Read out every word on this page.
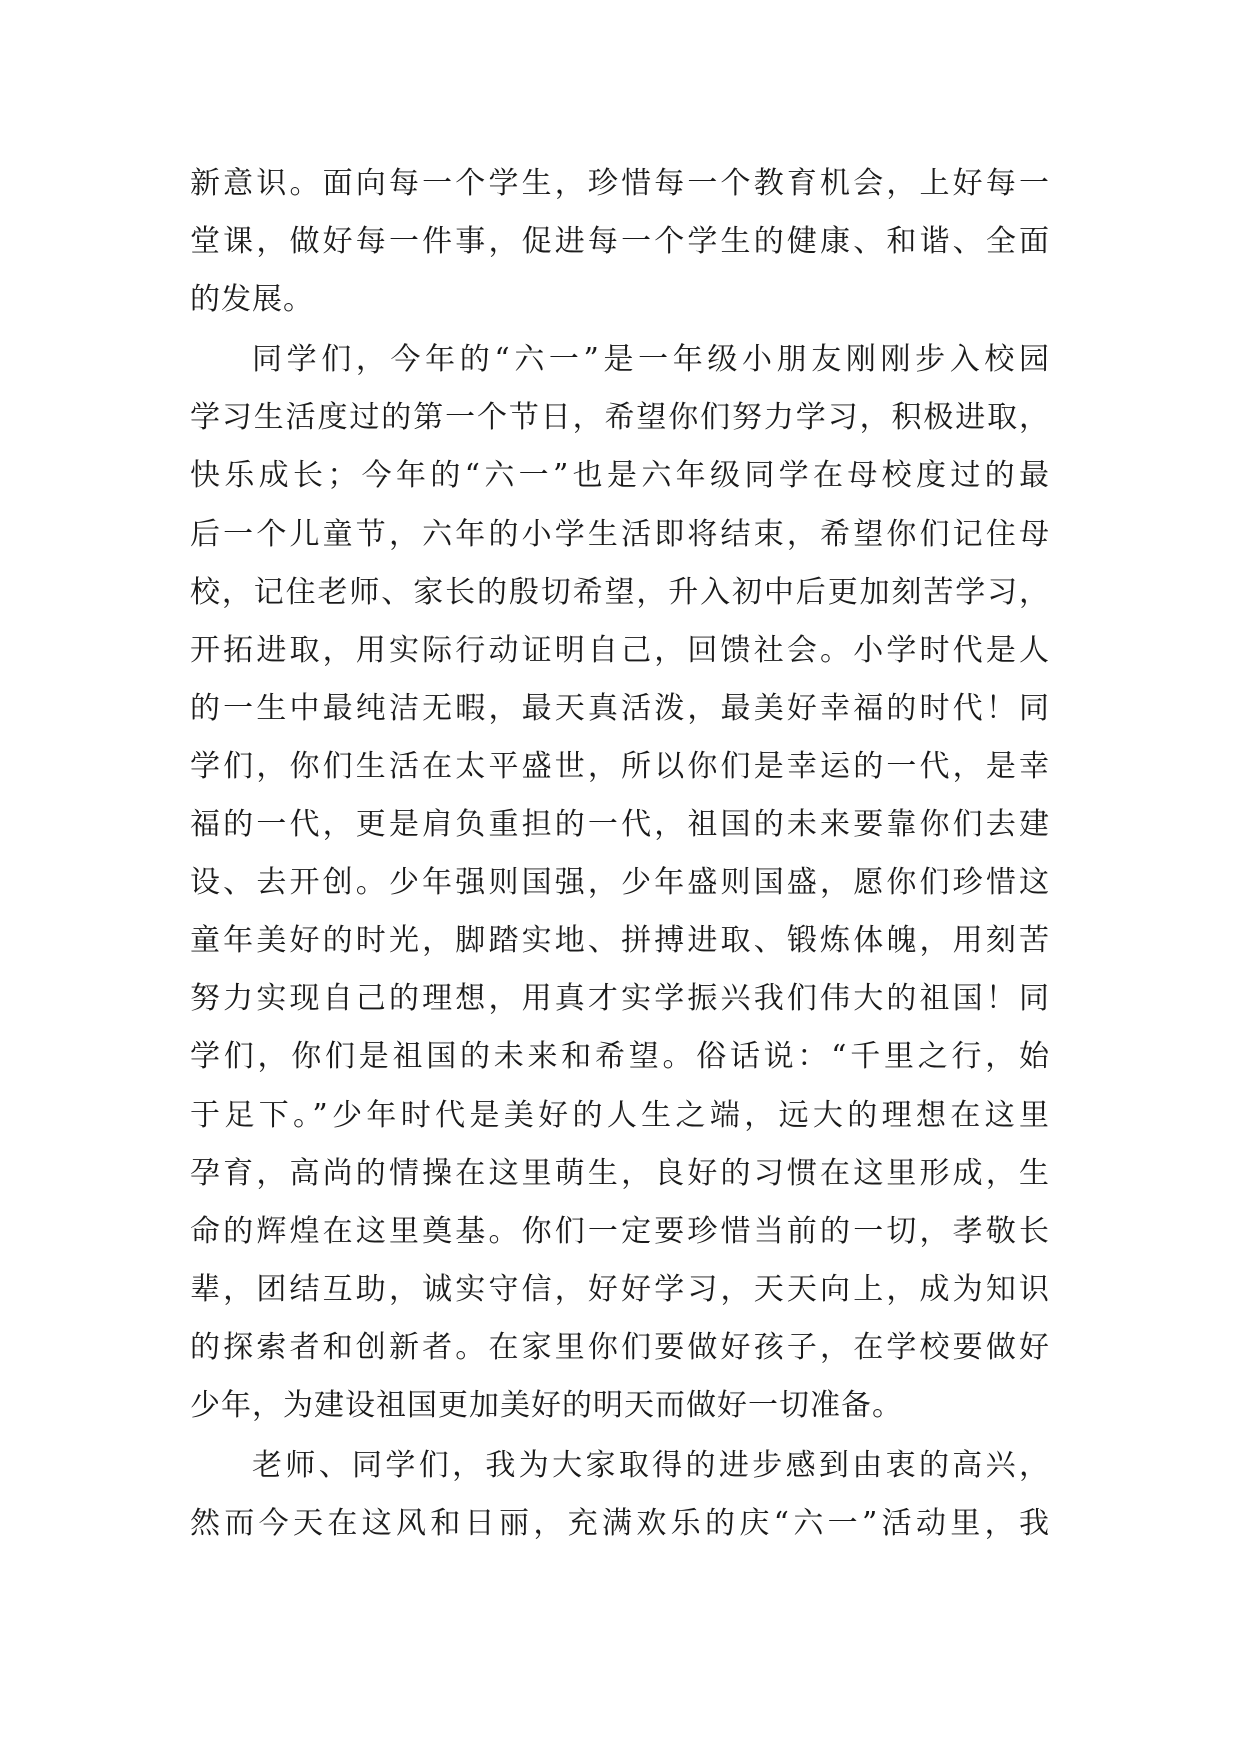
新意识。面向每一个学生，珍惜每一个教育机会，上好每一
堂课，做好每一件事，促进每一个学生的健康、和谐、全面
的发展。
同学们，今年的“六一”是一年级小朋友刚刚步入校园
学习生活度过的第一个节日，希望你们努力学习，积极进取，
快乐成长；今年的“六一”也是六年级同学在母校度过的最
后一个儿童节，六年的小学生活即将结束，希望你们记住母
校，记住老师、家长的殷切希望，升入初中后更加刻苦学习，
开拓进取，用实际行动证明自己，回馈社会。小学时代是人
的一生中最纯洁无暇，最天真活泼，最美好幸福的时代！同
学们，你们生活在太平盛世，所以你们是幸运的一代，是幸
福的一代，更是肩负重担的一代，祖国的未来要靠你们去建
设、去开创。少年强则国强，少年盛则国盛，愿你们珍惜这
童年美好的时光，脚踏实地、拼搏进取、锻炼体魄，用刻苦
努力实现自己的理想，用真才实学振兴我们伟大的祖国！同
学们，你们是祖国的未来和希望。俗话说：“千里之行，始
于足下。”少年时代是美好的人生之端，远大的理想在这里
孕育，高尚的情操在这里萌生，良好的习惯在这里形成，生
命的辉煌在这里奠基。你们一定要珍惜当前的一切，孝敬长
辈，团结互助，诚实守信，好好学习，天天向上，成为知识
的探索者和创新者。在家里你们要做好孩子，在学校要做好
少年，为建设祖国更加美好的明天而做好一切准备。
老师、同学们，我为大家取得的进步感到由衷的高兴，
然而今天在这风和日丽，充满欢乐的庆“六一”活动里，我
